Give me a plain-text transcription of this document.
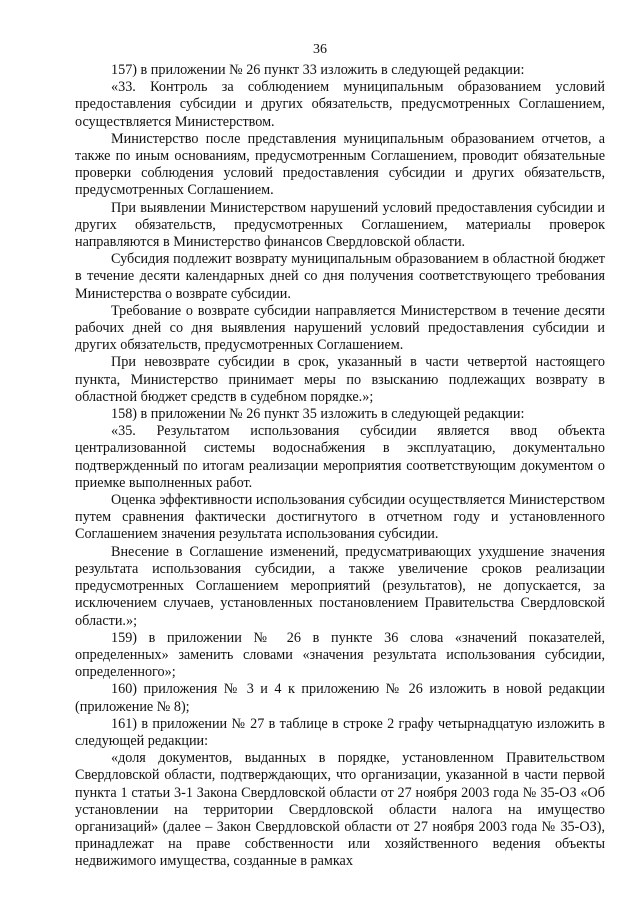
36

157) в приложении № 26 пункт 33 изложить в следующей редакции:

«33. Контроль за соблюдением муниципальным образованием условий предоставления субсидии и других обязательств, предусмотренных Соглашением, осуществляется Министерством.

Министерство после представления муниципальным образованием отчетов, а также по иным основаниям, предусмотренным Соглашением, проводит обязательные проверки соблюдения условий предоставления субсидии и других обязательств, предусмотренных Соглашением.

При выявлении Министерством нарушений условий предоставления субсидии и других обязательств, предусмотренных Соглашением, материалы проверок направляются в Министерство финансов Свердловской области.

Субсидия подлежит возврату муниципальным образованием в областной бюджет в течение десяти календарных дней со дня получения соответствующего требования Министерства о возврате субсидии.

Требование о возврате субсидии направляется Министерством в течение десяти рабочих дней со дня выявления нарушений условий предоставления субсидии и других обязательств, предусмотренных Соглашением.

При невозврате субсидии в срок, указанный в части четвертой настоящего пункта, Министерство принимает меры по взысканию подлежащих возврату в областной бюджет средств в судебном порядке.»;

158) в приложении № 26 пункт 35 изложить в следующей редакции:

«35. Результатом использования субсидии является ввод объекта централизованной системы водоснабжения в эксплуатацию, документально подтвержденный по итогам реализации мероприятия соответствующим документом о приемке выполненных работ.

Оценка эффективности использования субсидии осуществляется Министерством путем сравнения фактически достигнутого в отчетном году и установленного Соглашением значения результата использования субсидии.

Внесение в Соглашение изменений, предусматривающих ухудшение значения результата использования субсидии, а также увеличение сроков реализации предусмотренных Соглашением мероприятий (результатов), не допускается, за исключением случаев, установленных постановлением Правительства Свердловской области.»;

159) в приложении № 26 в пункте 36 слова «значений показателей, определенных» заменить словами «значения результата использования субсидии, определенного»;

160) приложения № 3 и 4 к приложению № 26 изложить в новой редакции (приложение № 8);

161) в приложении № 27 в таблице в строке 2 графу четырнадцатую изложить в следующей редакции:

«доля документов, выданных в порядке, установленном Правительством Свердловской области, подтверждающих, что организации, указанной в части первой пункта 1 статьи 3-1 Закона Свердловской области от 27 ноября 2003 года № 35-ОЗ «Об установлении на территории Свердловской области налога на имущество организаций» (далее – Закон Свердловской области от 27 ноября 2003 года № 35-ОЗ), принадлежат на праве собственности или хозяйственного ведения объекты недвижимого имущества, созданные в рамках
